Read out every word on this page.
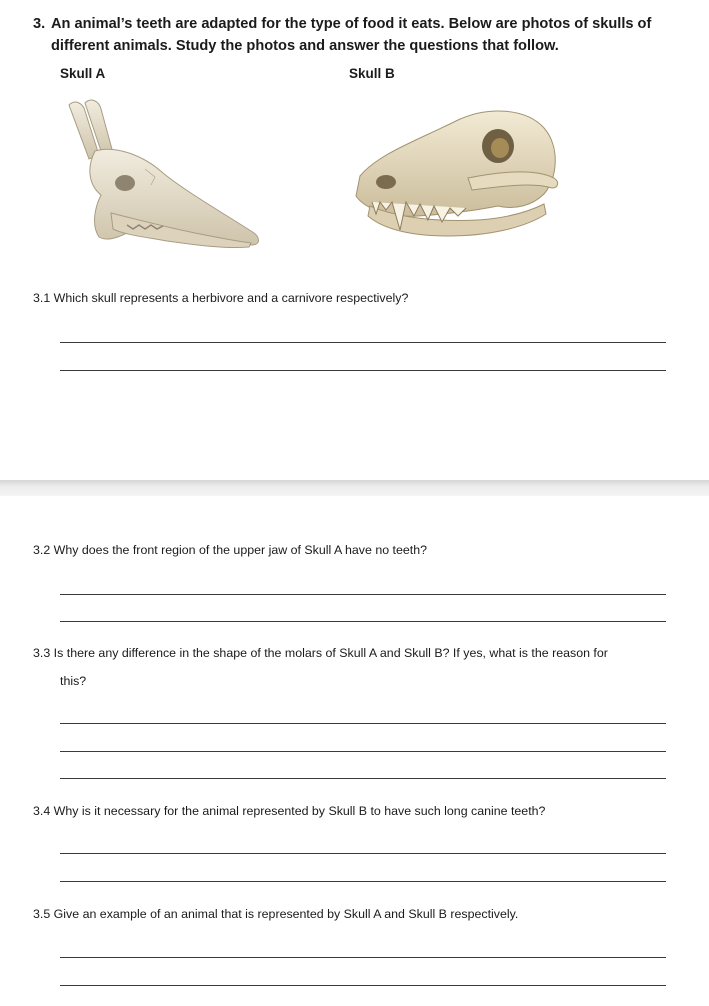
3. An animal’s teeth are adapted for the type of food it eats. Below are photos of skulls of
different animals. Study the photos and answer the questions that follow.
Skull A	Skull B
3.1 Which skull represents a herbivore and a carnivore respectively?
3.2 Why does the front region of the upper jaw of Skull A have no teeth?
3.3 Is there any difference in the shape of the molars of Skull A and Skull B? If yes, what is the reason for
this?
3.4 Why is it necessary for the animal represented by Skull B to have such long canine teeth?
3.5 Give an example of an animal that is represented by Skull A and Skull B respectively.
